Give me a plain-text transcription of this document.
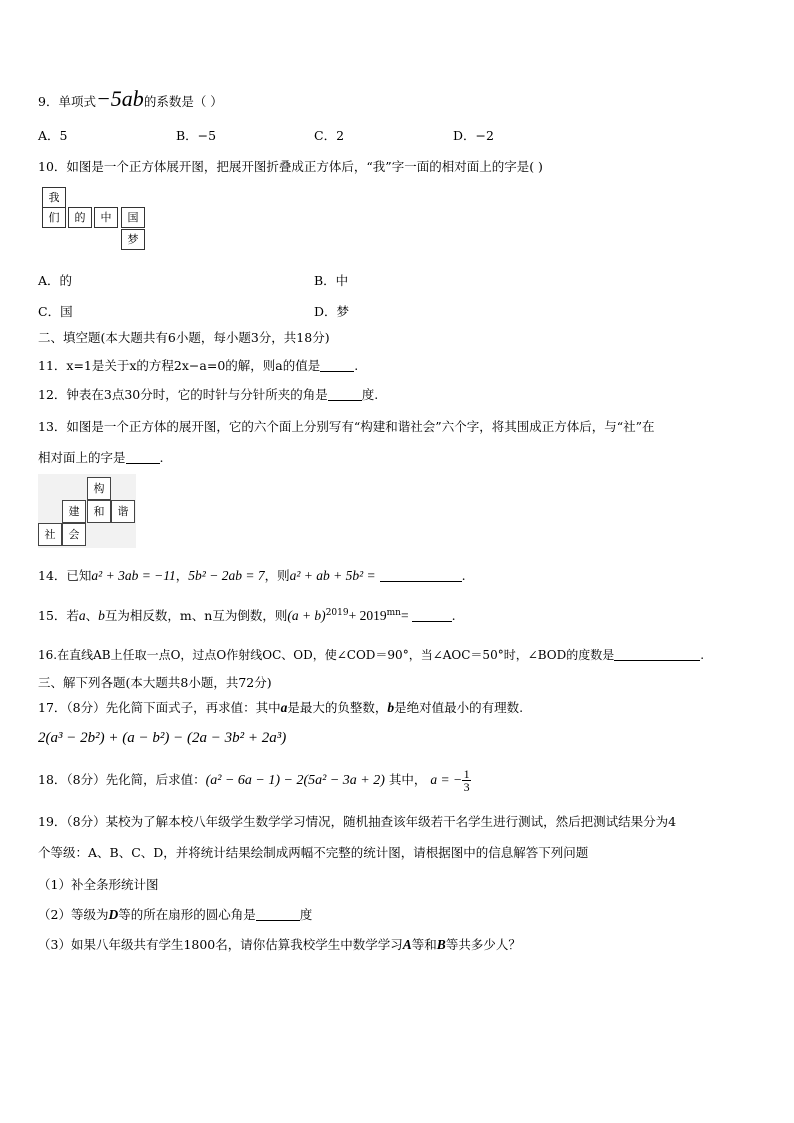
9．单项式−5ab的系数是（ ）
A．5	B．−5	C．2	D．−2
10．如图是一个正方体展开图，把展开图折叠成正方体后，“我”字一面的相对面上的字是( )
我
们	的	中	国
梦
A．的	B．中
C．国	D．梦
二、填空题(本大题共有6小题，每小题3分，共18分)
11．x=1是关于x的方程2x−a=0的解，则a的值是	.
12．钟表在3点30分时，它的时针与分针所夹的角是	度.
13．如图是一个正方体的展开图，它的六个面上分别写有“构建和谐社会”六个字，将其围成正方体后，与“社”在
相对面上的字是	.
构
建	和	谐
社	会
14．已知a² + 3ab = −11，5b² − 2ab = 7，则a² + ab + 5b² =	.
15．若a、b互为相反数，m、n互为倒数，则$(a + b)^{2019}+ 2019^{mn}=$	.
16.在直线AB上任取一点O，过点O作射线OC、OD，使∠COD＝90°，当∠AOC＝50°时，∠BOD的度数是	.
三、解下列各题(本大题共8小题，共72分)
17．（8分）先化简下面式子，再求值：其中a是最大的负整数，b是绝对值最小的有理数.
2(a³ − 2b²) + (a − b²) − (2a − 3b² + 2a³)
18．（8分）先化简，后求值：(a² − 6a − 1) − 2(5a² − 3a + 2) 其中， a = − $\frac{1}{3}$
19．（8分）某校为了解本校八年级学生数学学习情况，随机抽查该年级若干名学生进行测试，然后把测试结果分为4
个等级：A、B、C、D，并将统计结果绘制成两幅不完整的统计图，请根据图中的信息解答下列问题
（1）补全条形统计图
（2）等级为D等的所在扇形的圆心角是	度
（3）如果八年级共有学生1800名，请你估算我校学生中数学学习A等和B等共多少人？
